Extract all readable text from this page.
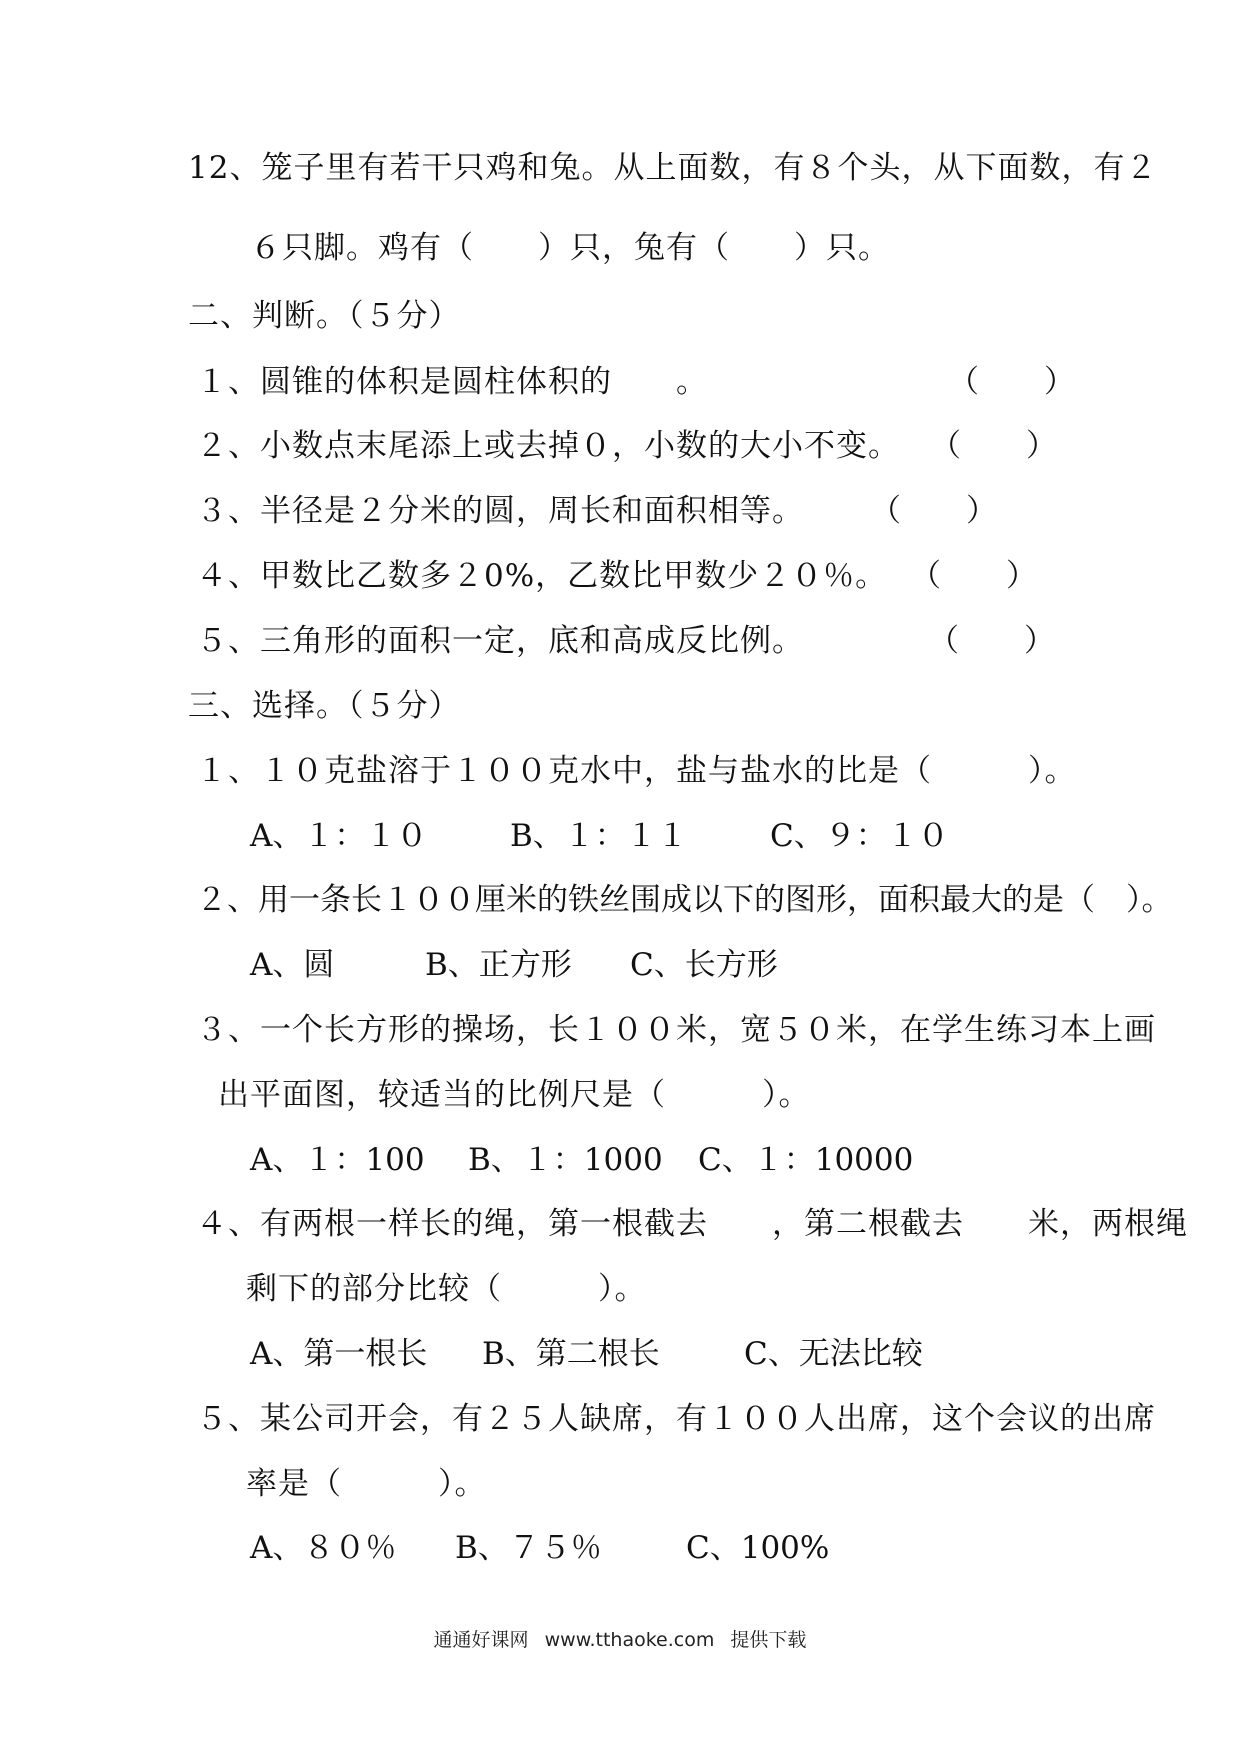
12、笼子里有若干只鸡和兔。从上面数，有８个头，从下面数，有２
６只脚。鸡有（　　）只，兔有（　　）只。
二、判断。（５分）
１、圆锥的体积是圆柱体积的　　。	（　　）
２、小数点末尾添上或去掉０，小数的大小不变。 （　　）
３、半径是２分米的圆，周长和面积相等。 （　　）
４、甲数比乙数多２0%，乙数比甲数少２０％。 （　　）
５、三角形的面积一定，底和高成反比例。	（　　）
三、选择。（５分）
１、１０克盐溶于１００克水中，盐与盐水的比是（　　　）。
A、１：１０	B、１：１１	C、９：１０
２、用一条长１００厘米的铁丝围成以下的图形，面积最大的是（　）。
A、圆	B、正方形 C、长方形
３、一个长方形的操场，长１００米，宽５０米，在学生练习本上画
出平面图，较适当的比例尺是（　　　）。
A、１：100 B、１：1000 C、１：10000
４、有两根一样长的绳，第一根截去　　，第二根截去　　米，两根绳
剩下的部分比较（　　　）。
A、第一根长 B、第二根长	C、无法比较
５、某公司开会，有２５人缺席，有１００人出席，这个会议的出席
率是（　　　）。
A、８０％ B、７５％	C、100%
通通好课网 www.tthaoke.com 提供下载
